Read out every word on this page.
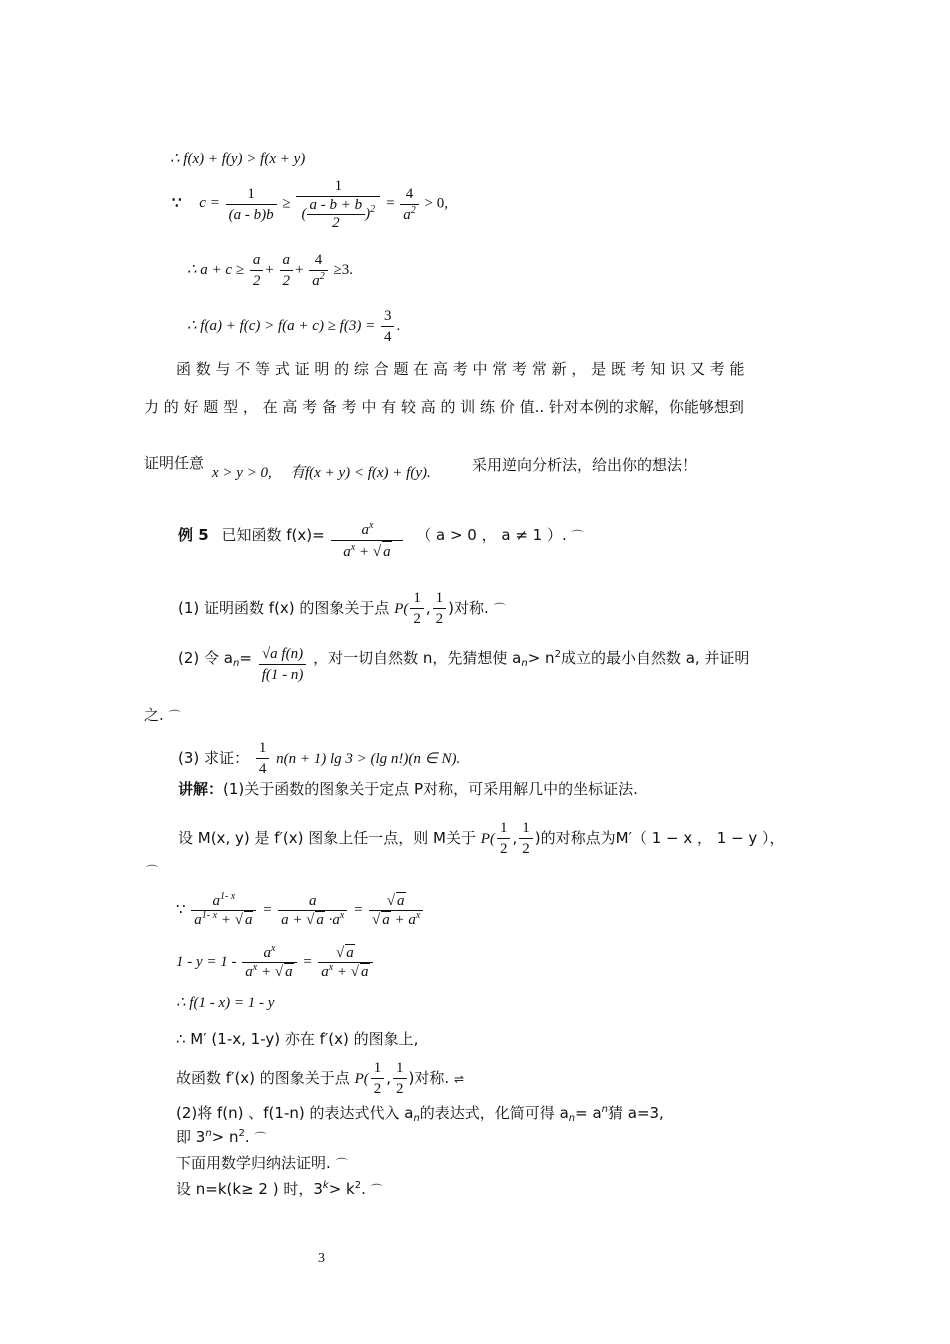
∴ f(x) + f(y) > f(x + y)
∵ $c = \frac{1}{(a - b)b} \ge \frac{1}{( \frac{a - b + b}{2} )^2} = \frac{4}{a^2} > 0$,
∴ $a + c \ge \frac{a}{2} + \frac{a}{2} + \frac{4}{a^2} \ge 3$.
∴ $f(a) + f(c) > f(a + c) \ge f(3) = \frac{3}{4}$ .
函 数 与 不 等 式 证 明 的 综 合 题 在 高 考 中 常 考 常 新 ， 是 既 考 知 识 又 考 能
力 的 好 题 型 ， 在 高 考 备 考 中 有 较 高 的 训 练 价 值.. 针对本例的求解，你能够想到
证明任意
x > y > 0, 有f(x + y) < f(x) + f(y).	采用逆向分析法，给出你的想法！
例 5 已知函数 $f(x)= \frac{a^x}{a^x + √ a}$ （ a > 0 ， a ≠ 1 ）. ⌒
(1) 证明函数 f(x) 的图象关于点 $P( \frac{1}{2}$ , $\frac{1}{2}$ )对称. ⌒
(2) 令 $a_n= \frac{\text{√a f(n)}}{f(1 - n)}$ ，对一切自然数 n，先猜想使 $a_n> n^2$成立的最小自然数 a, 并证明
之. ⌒
(3) 求证： $\frac{1}{4} n(n + 1)$ lg 3 > (lg n!)(n ∈ N).
讲解：(1)关于函数的图象关于定点 P对称，可采用解几中的坐标证法.
设 M(x, y) 是 f′(x) 图象上任一点，则 M关于 $P( \frac{1}{2}$ , $\frac{1}{2}$ )的对称点为M′（ 1 − x ， 1 − y ），
⌒
∵ $\frac{a^{1- x}}{a^{1- x} + √ a} = \frac{a}{a + √ a \cdot a^x} = \frac{√ a}{√ a + a^x}$
$1 - y = 1 - \frac{a^x}{a^x + √ a} = \frac{√ a}{a^x + √ a}$
∴ f(1 - x) = 1 - y
∴ M′ (1-x, 1-y) 亦在 f′(x) 的图象上,
故函数 f′(x) 的图象关于点 $P( \frac{1}{2}$ , $\frac{1}{2}$ )对称. ⇌
(2)将 f(n) 、f(1-n) 的表达式代入 $a_n$的表达式，化简可得 $a_n= a^n$猜 a=3,
即 $3^n> n^2$. ⌒
下面用数学归纳法证明. ⌒
设 n=k(k≥ 2 ) 时，$3^k> k^2$. ⌒
3
